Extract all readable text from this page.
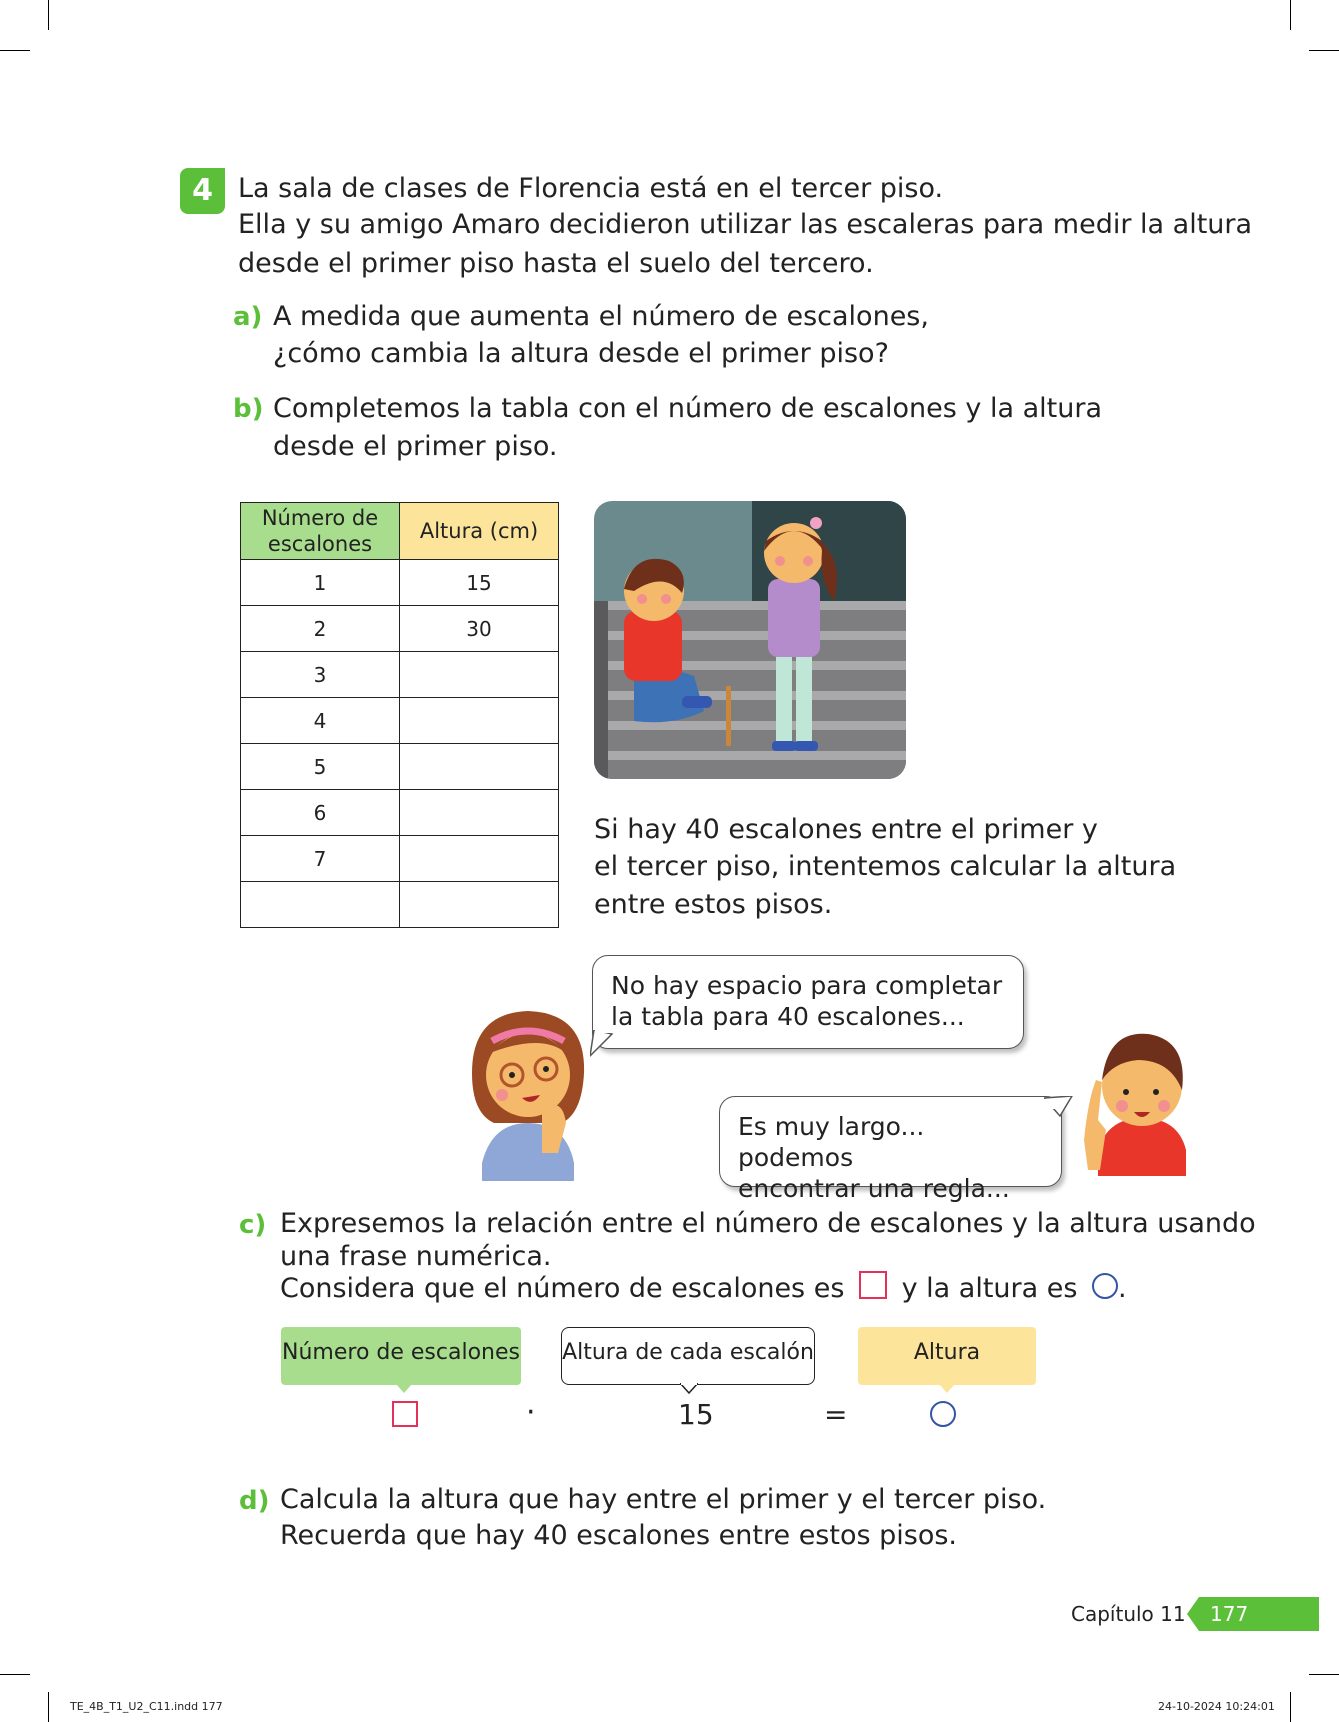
4 La sala de clases de Florencia está en el tercer piso.
Ella y su amigo Amaro decidieron utilizar las escaleras para medir la altura
desde el primer piso hasta el suelo del tercero.
a) A medida que aumenta el número de escalones,
¿cómo cambia la altura desde el primer piso?
b) Completemos la tabla con el número de escalones y la altura
desde el primer piso.
Número de escalones	Altura (cm)
1	15
2	30
3	
4	
5	
6	
7	

Si hay 40 escalones entre el primer y
el tercer piso, intentemos calcular la altura
entre estos pisos.
No hay espacio para completar
la tabla para 40 escalones...
Es muy largo... podemos
encontrar una regla...
c) Expresemos la relación entre el número de escalones y la altura usando
una frase numérica.
Considera que el número de escalones es y la altura es .
Número de escalones Altura de cada escalón	Altura
·	15	=
d) Calcula la altura que hay entre el primer y el tercer piso.
Recuerda que hay 40 escalones entre estos pisos.
Capítulo 11 177
TE_4B_T1_U2_C11.indd 177	24-10-2024 10:24:01
